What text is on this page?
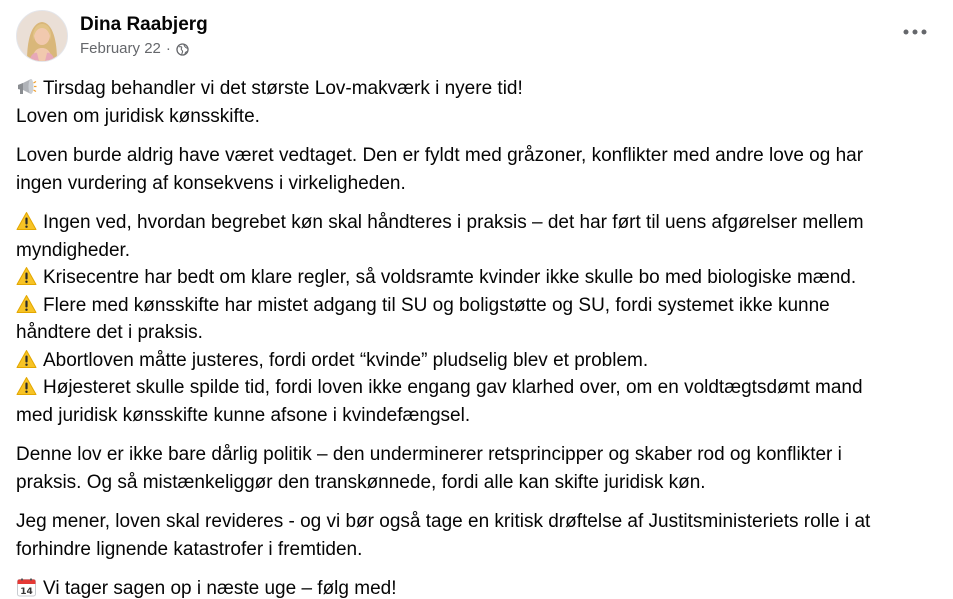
Dina Raabjerg
February 22 ·
Tirsdag behandler vi det største Lov-makværk i nyere tid!
Loven om juridisk kønsskifte.
Loven burde aldrig have været vedtaget. Den er fyldt med gråzoner, konflikter med andre love og har
ingen vurdering af konsekvens i virkeligheden.
Ingen ved, hvordan begrebet køn skal håndteres i praksis – det har ført til uens afgørelser mellem
myndigheder.
Krisecentre har bedt om klare regler, så voldsramte kvinder ikke skulle bo med biologiske mænd.
Flere med kønsskifte har mistet adgang til SU og boligstøtte og SU, fordi systemet ikke kunne
håndtere det i praksis.
Abortloven måtte justeres, fordi ordet “kvinde” pludselig blev et problem.
Højesteret skulle spilde tid, fordi loven ikke engang gav klarhed over, om en voldtægtsdømt mand
med juridisk kønsskifte kunne afsone i kvindefængsel.
Denne lov er ikke bare dårlig politik – den underminerer retsprincipper og skaber rod og konflikter i
praksis. Og så mistænkeliggør den transkønnede, fordi alle kan skifte juridisk køn.
Jeg mener, loven skal revideres - og vi bør også tage en kritisk drøftelse af Justitsministeriets rolle i at
forhindre lignende katastrofer i fremtiden.
14 Vi tager sagen op i næste uge – følg med!
